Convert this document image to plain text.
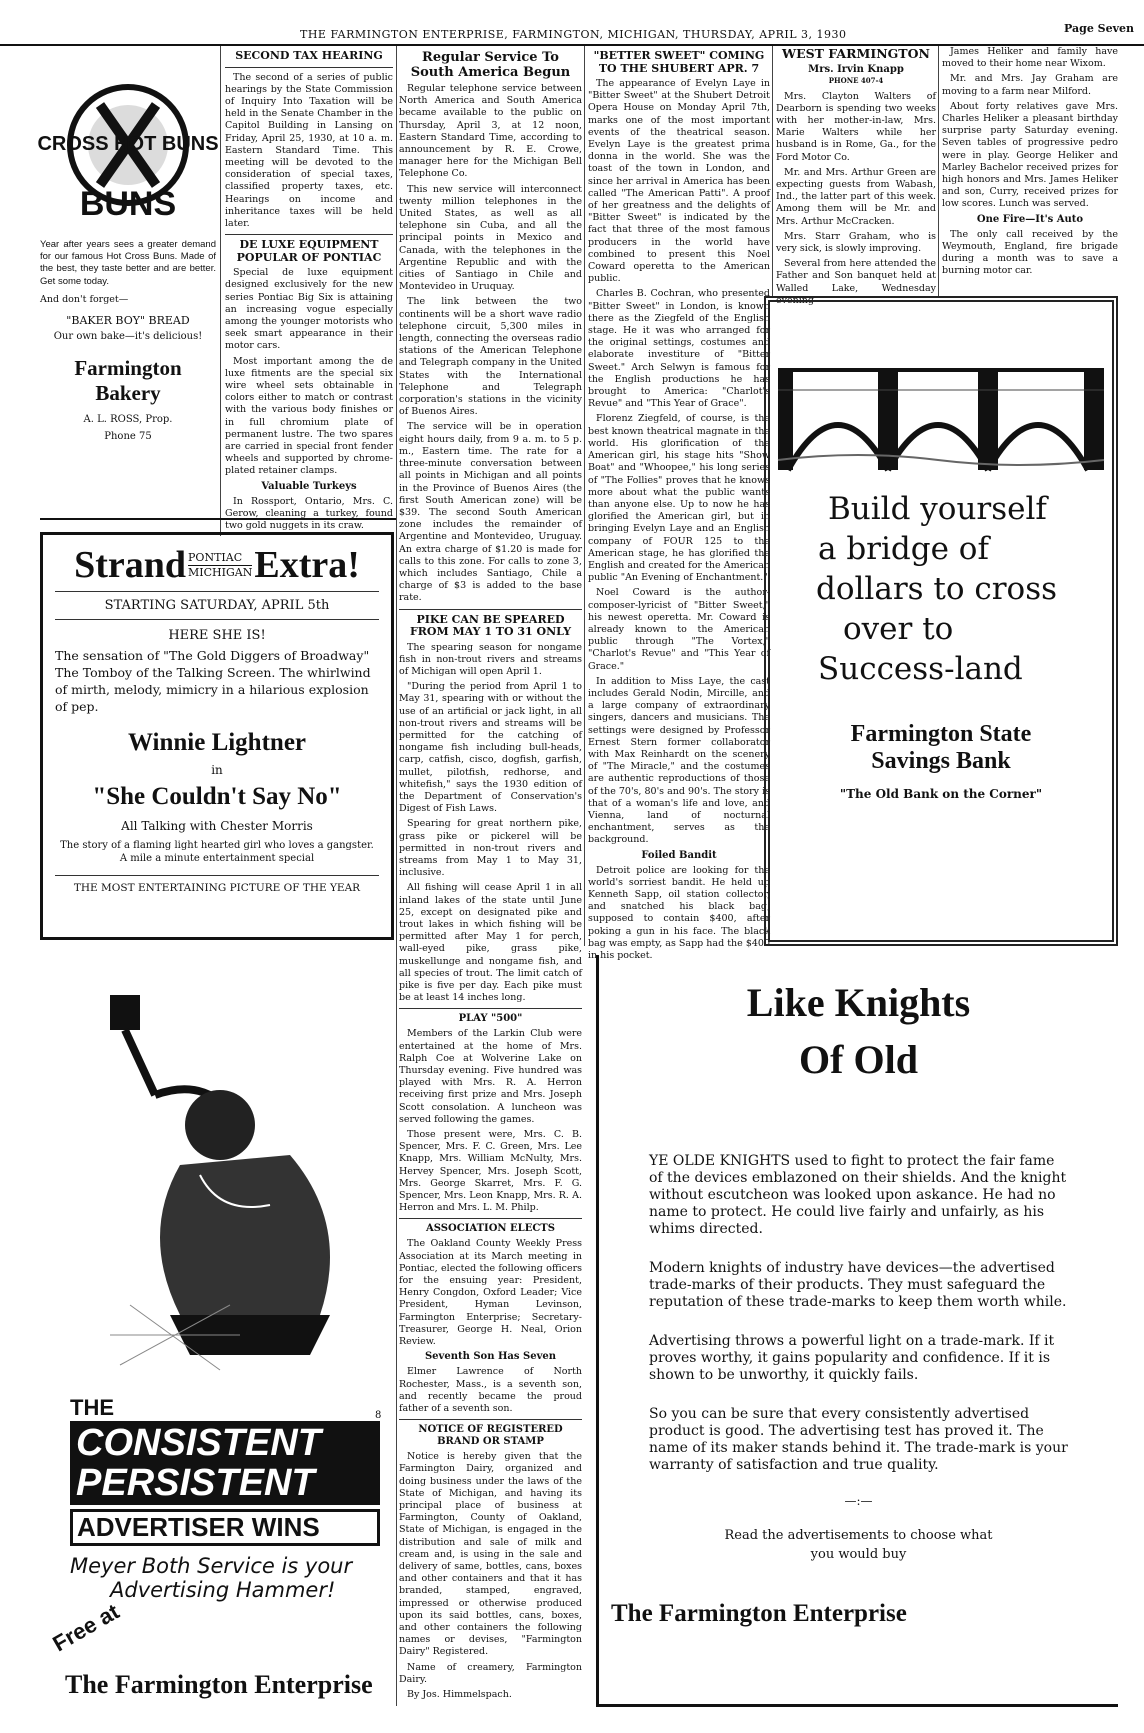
THE FARMINGTON ENTERPRISE, FARMINGTON, MICHIGAN, THURSDAY, APRIL 3, 1930	Page Seven
CROSS HOT BUNS
BUNS
Year after years sees a greater demand for our famous Hot Cross Buns. Made of the best, they taste better and are better. Get some today.
And don't forget—
"BAKER BOY" BREAD
Our own bake—it's delicious!
Farmington
Bakery
A. L. ROSS, Prop.
Phone 75
SECOND TAX HEARING

The second of a series of public hearings by the State Commission of Inquiry Into Taxation will be held in the Senate Chamber in the Capitol Building in Lansing on Friday, April 25, 1930, at 10 a. m. Eastern Standard Time. This meeting will be devoted to the consideration of special taxes, classified property taxes, etc. Hearings on income and inheritance taxes will be held later.

DE LUXE EQUIPMENT POPULAR OF PONTIAC

Special de luxe equipment designed exclusively for the new series Pontiac Big Six is attaining an increasing vogue especially among the younger motorists who seek smart appearance in their motor cars.

Most important among the de luxe fitments are the special six wire wheel sets obtainable in colors either to match or contrast with the various body finishes or in full chromium plate of permanent lustre. The two spares are carried in special front fender wheels and supported by chrome-plated retainer clamps.

Valuable Turkeys

In Rossport, Ontario, Mrs. C. Gerow, cleaning a turkey, found two gold nuggets in its craw.

Regular Service To South America Begun

Regular telephone service between North America and South America became available to the public on Thursday, April 3, at 12 noon, Eastern Standard Time, according to announcement by R. E. Crowe, manager here for the Michigan Bell Telephone Co.

This new service will interconnect twenty million telephones in the United States, as well as all telephone sin Cuba, and all the principal points in Mexico and Canada, with the telephones in the Argentine Republic and with the cities of Santiago in Chile and Montevideo in Uruquay.

The link between the two continents will be a short wave radio telephone circuit, 5,300 miles in length, connecting the overseas radio stations of the American Telephone and Telegraph company in the United States with the International Telephone and Telegraph corporation's stations in the vicinity of Buenos Aires.

The service will be in operation eight hours daily, from 9 a. m. to 5 p. m., Eastern time. The rate for a three-minute conversation between all points in Michigan and all points in the Province of Buenos Aires (the first South American zone) will be $39. The second South American zone includes the remainder of Argentine and Montevideo, Uruguay. An extra charge of $1.20 is made for calls to this zone. For calls to zone 3, which includes Santiago, Chile a charge of $3 is added to the base rate.

PIKE CAN BE SPEARED FROM MAY 1 TO 31 ONLY

The spearing season for nongame fish in non-trout rivers and streams of Michigan will open April 1.

"During the period from April 1 to May 31, spearing with or without the use of an artificial or jack light, in all non-trout rivers and streams will be permitted for the catching of nongame fish including bull-heads, carp, catfish, cisco, dogfish, garfish, mullet, pilotfish, redhorse, and whitefish," says the 1930 edition of the Department of Conservation's Digest of Fish Laws.

Spearing for great northern pike, grass pike or pickerel will be permitted in non-trout rivers and streams from May 1 to May 31, inclusive.

All fishing will cease April 1 in all inland lakes of the state until June 25, except on designated pike and trout lakes in which fishing will be permitted after May 1 for perch, wall-eyed pike, grass pike, muskellunge and nongame fish, and all species of trout. The limit catch of pike is five per day. Each pike must be at least 14 inches long.

PLAY "500"

Members of the Larkin Club were entertained at the home of Mrs. Ralph Coe at Wolverine Lake on Thursday evening. Five hundred was played with Mrs. R. A. Herron receiving first prize and Mrs. Joseph Scott consolation. A luncheon was served following the games.

Those present were, Mrs. C. B. Spencer, Mrs. F. C. Green, Mrs. Lee Knapp, Mrs. William McNulty, Mrs. Hervey Spencer, Mrs. Joseph Scott, Mrs. George Skarret, Mrs. F. G. Spencer, Mrs. Leon Knapp, Mrs. R. A. Herron and Mrs. L. M. Philp.

ASSOCIATION ELECTS

The Oakland County Weekly Press Association at its March meeting in Pontiac, elected the following officers for the ensuing year: President, Henry Congdon, Oxford Leader; Vice President, Hyman Levinson, Farmington Enterprise; Secretary-Treasurer, George H. Neal, Orion Review.

Seventh Son Has Seven

Elmer Lawrence of North Rochester, Mass., is a seventh son, and recently became the proud father of a seventh son.

NOTICE OF REGISTERED BRAND OR STAMP

Notice is hereby given that the Farmington Dairy, organized and doing business under the laws of the State of Michigan, and having its principal place of business at Farmington, County of Oakland, State of Michigan, is engaged in the distribution and sale of milk and cream and, is using in the sale and delivery of same, bottles, cans, boxes and other containers and that it has branded, stamped, engraved, impressed or otherwise produced upon its said bottles, cans, boxes, and other containers the following names or devises, "Farmington Dairy" Registered.

Name of creamery, Farmington Dairy.

By Jos. Himmelspach.

"BETTER SWEET" COMING TO THE SHUBERT APR. 7

The appearance of Evelyn Laye in "Bitter Sweet" at the Shubert Detroit Opera House on Monday April 7th, marks one of the most important events of the theatrical season. Evelyn Laye is the greatest prima donna in the world. She was the toast of the town in London, and since her arrival in America has been called "The American Patti". A proof of her greatness and the delights of "Bitter Sweet" is indicated by the fact that three of the most famous producers in the world have combined to present this Noel Coward operetta to the American public.

Charles B. Cochran, who presented "Bitter Sweet" in London, is known there as the Ziegfeld of the English stage. He it was who arranged for the original settings, costumes and elaborate investiture of "Bitter Sweet." Arch Selwyn is famous for the English productions he has brought to America: "Charlot's Revue" and "This Year of Grace".

Florenz Ziegfeld, of course, is the best known theatrical magnate in the world. His glorification of the American girl, his stage hits "Show Boat" and "Whoopee," his long series of "The Follies" proves that he knows more about what the public wants than anyone else. Up to now he has glorified the American girl, but in bringing Evelyn Laye and an English company of FOUR 125 to the American stage, he has glorified the English and created for the American public "An Evening of Enchantment."

Noel Coward is the author-composer-lyricist of "Bitter Sweet," his newest operetta. Mr. Coward is already known to the American public through "The Vortex," "Charlot's Revue" and "This Year of Grace."

In addition to Miss Laye, the cast includes Gerald Nodin, Mircille, and a large company of extraordinary singers, dancers and musicians. The settings were designed by Professor Ernest Stern former collaborator with Max Reinhardt on the scenery of "The Miracle," and the costumes are authentic reproductions of those of the 70's, 80's and 90's. The story is that of a woman's life and love, and Vienna, land of nocturnal enchantment, serves as the background.

Foiled Bandit

Detroit police are looking for the world's sorriest bandit. He held up Kenneth Sapp, oil station collector, and snatched his black bag, supposed to contain $400, after poking a gun in his face. The black bag was empty, as Sapp had the $400 in his pocket.

WEST FARMINGTON
Mrs. Irvin Knapp
PHONE 407-4

Mrs. Clayton Walters of Dearborn is spending two weeks with her mother-in-law, Mrs. Marie Walters while her husband is in Rome, Ga., for the Ford Motor Co.

Mr. and Mrs. Arthur Green are expecting guests from Wabash, Ind., the latter part of this week. Among them will be Mr. and Mrs. Arthur McCracken.

Mrs. Starr Graham, who is very sick, is slowly improving.

Several from here attended the Father and Son banquet held at Walled Lake, Wednesday evening

James Heliker and family have moved to their home near Wixom.

Mr. and Mrs. Jay Graham are moving to a farm near Milford.

About forty relatives gave Mrs. Charles Heliker a pleasant birthday surprise party Saturday evening. Seven tables of progressive pedro were in play. George Heliker and Marley Bachelor received prizes for high honors and Mrs. James Heliker and son, Curry, received prizes for low scores. Lunch was served.

One Fire—It's Auto

The only call received by the Weymouth, England, fire brigade during a month was to save a burning motor car.

Strand PONTIAC
MICHIGAN Extra!
STARTING SATURDAY, APRIL 5th
HERE SHE IS!
The sensation of "The Gold Diggers of Broadway" The Tomboy of the Talking Screen. The whirlwind of mirth, melody, mimicry in a hilarious explosion of pep.
Winnie Lightner
in
"She Couldn't Say No"
All Talking with Chester Morris
The story of a flaming light hearted girl who loves a gangster. A mile a minute entertainment special
THE MOST ENTERTAINING PICTURE OF THE YEAR
Build yourself
a bridge of
dollars to cross
over to
Success-land
Farmington State
Savings Bank
"The Old Bank on the Corner"
THE
CONSISTENT
PERSISTENT
ADVERTISER WINS
Meyer Both Service is your
Advertising Hammer!
Free at
The Farmington Enterprise
8
Like Knights
Of Old
YE OLDE KNIGHTS used to fight to protect the fair fame of the devices emblazoned on their shields. And the knight without escutcheon was looked upon askance. He had no name to protect. He could live fairly and unfairly, as his whims directed.
Modern knights of industry have devices—the advertised trade-marks of their products. They must safeguard the reputation of these trade-marks to keep them worth while.
Advertising throws a powerful light on a trade-mark. If it proves worthy, it gains popularity and confidence. If it is shown to be unworthy, it quickly fails.
So you can be sure that every consistently advertised product is good. The advertising test has proved it. The name of its maker stands behind it. The trade-mark is your warranty of satisfaction and true quality.
—:—
Read the advertisements to choose what
you would buy
The Farmington Enterprise
